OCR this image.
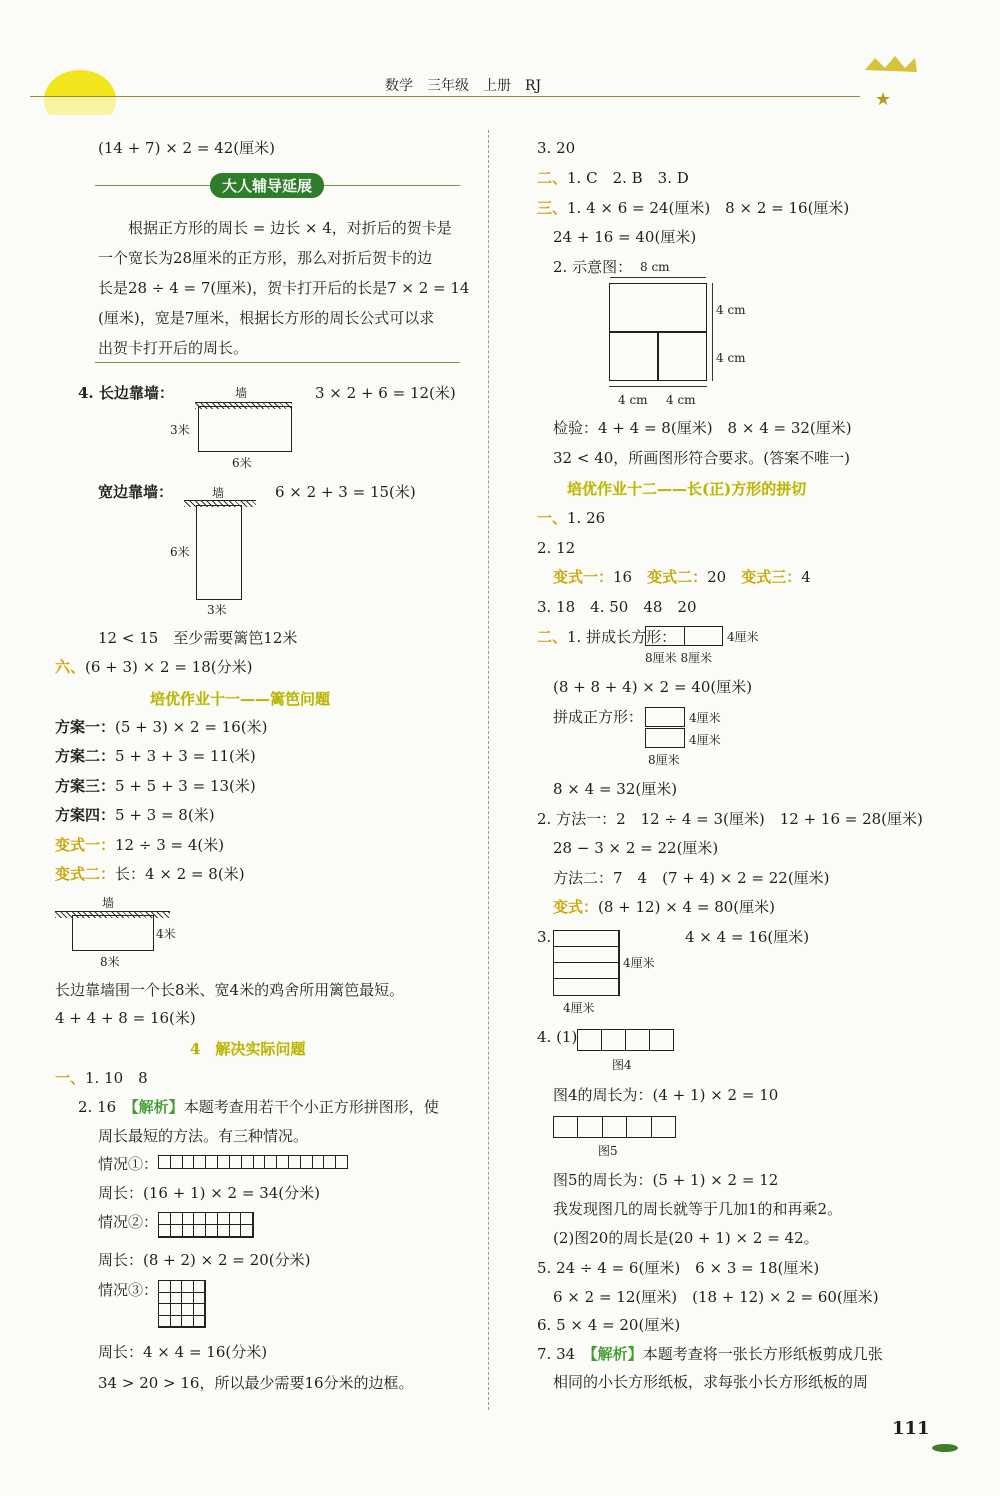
数学　 三年级　 上册　 RJ
★
(14 + 7) × 2 = 42(厘米)
大人辅导延展
根据正方形的周长 = 边长 × 4，对折后的贺卡是
一个宽长为28厘米的正方形，那么对折后贺卡的边
长是28 ÷ 4 = 7(厘米)，贺卡打开后的长是7 × 2 = 14
(厘米)，宽是7厘米，根据长方形的周长公式可以求
出贺卡打开后的周长。
4. 长边靠墙：	墙
3米
6米
3 × 2 + 6 = 12(米)
宽边靠墙：	墙
6米
3米
6 × 2 + 3 = 15(米)
12 < 15　至少需要篱笆12米
六、(6 + 3) × 2 = 18(分米)
培优作业十一——篱笆问题
方案一：(5 + 3) × 2 = 16(米)
方案二：5 + 3 + 3 = 11(米)
方案三：5 + 5 + 3 = 13(米)
方案四：5 + 3 = 8(米)
变式一：12 ÷ 3 = 4(米)
变式二：长：4 × 2 = 8(米)
墙
4米
8米
长边靠墙围一个长8米、宽4米的鸡舍所用篱笆最短。
4 + 4 + 8 = 16(米)
4　解决实际问题
一、1. 10　8
2. 16　【解析】本题考查用若干个小正方形拼图形，使
周长最短的方法。有三种情况。
情况①：
周长：(16 + 1) × 2 = 34(分米)
情况②：
周长：(8 + 2) × 2 = 20(分米)
情况③：
周长：4 × 4 = 16(分米)
34 > 20 > 16，所以最少需要16分米的边框。
3. 20
二、1. C　2. B　3. D
三、1. 4 × 6 = 24(厘米)　8 × 2 = 16(厘米)
24 + 16 = 40(厘米)
2. 示意图： 8 cm
4 cm
4 cm
4 cm 4 cm
检验：4 + 4 = 8(厘米)　8 × 4 = 32(厘米)
32 < 40，所画图形符合要求。(答案不唯一)
培优作业十二——长(正)方形的拼切
一、1. 26
2. 12
变式一：16　 变式二：20　 变式三：4
3. 18　4. 50　48　20
二、1. 拼成长方形：	4厘米
8厘米 8厘米
(8 + 8 + 4) × 2 = 40(厘米)
拼成正方形：	4厘米
4厘米
8厘米
8 × 4 = 32(厘米)
2. 方法一：2　12 ÷ 4 = 3(厘米)　12 + 16 = 28(厘米)
28 − 3 × 2 = 22(厘米)
方法二：7　4　(7 + 4) × 2 = 22(厘米)
变式：(8 + 12) × 4 = 80(厘米)
3.
4厘米
4厘米
4 × 4 = 16(厘米)
4. (1)
图4
图4的周长为：(4 + 1) × 2 = 10
图5
图5的周长为：(5 + 1) × 2 = 12
我发现图几的周长就等于几加1的和再乘2。
(2)图20的周长是(20 + 1) × 2 = 42。
5. 24 ÷ 4 = 6(厘米)　6 × 3 = 18(厘米)
6 × 2 = 12(厘米)　(18 + 12) × 2 = 60(厘米)
6. 5 × 4 = 20(厘米)
7. 34　【解析】本题考查将一张长方形纸板剪成几张
相同的小长方形纸板，求每张小长方形纸板的周
111
